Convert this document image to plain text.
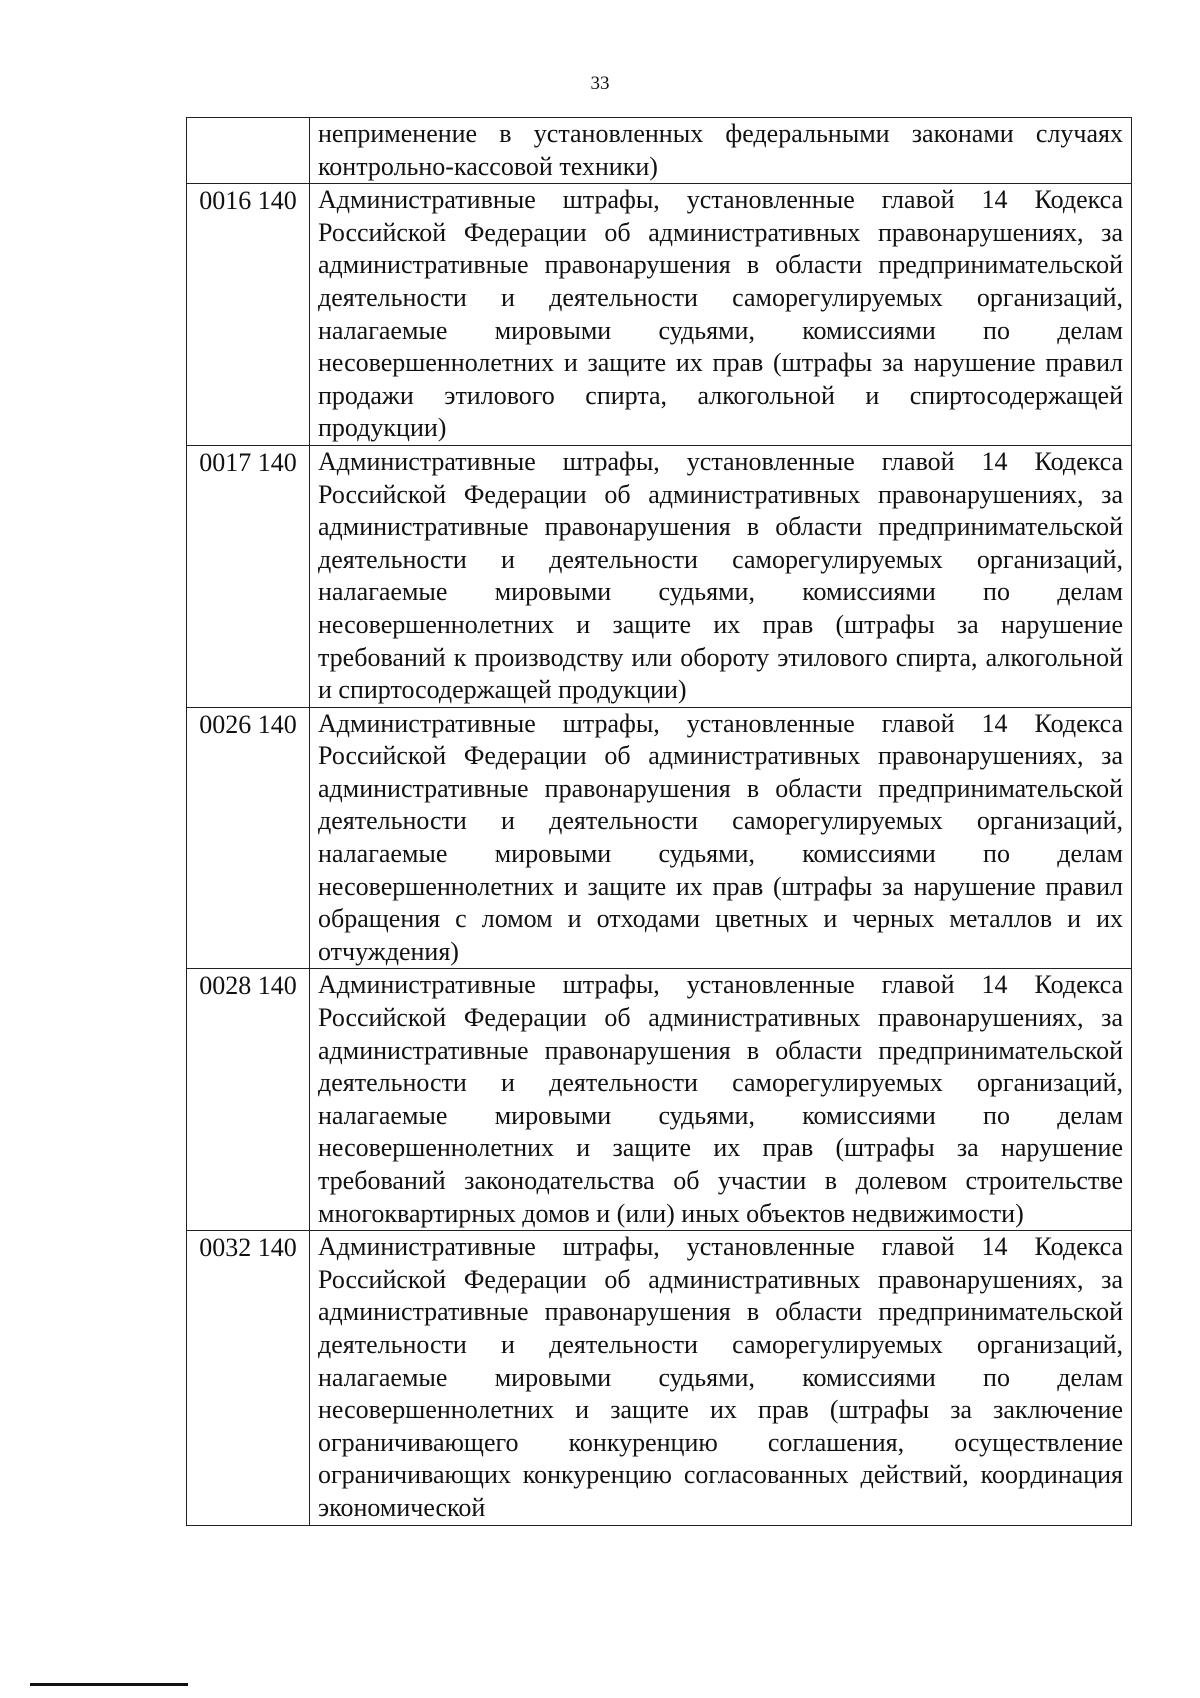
33
	неприменение в установленных федеральными законами случаях контрольно-кассовой техники)
0016 140	Административные штрафы, установленные главой 14 Кодекса Российской Федерации об административных правонарушениях, за административные правонарушения в области предпринимательской деятельности и деятельности саморегулируемых организаций, налагаемые мировыми судьями, комиссиями по делам несовершеннолетних и защите их прав (штрафы за нарушение правил продажи этилового спирта, алкогольной и спиртосодержащей продукции)
0017 140	Административные штрафы, установленные главой 14 Кодекса Российской Федерации об административных правонарушениях, за административные правонарушения в области предпринимательской деятельности и деятельности саморегулируемых организаций, налагаемые мировыми судьями, комиссиями по делам несовершеннолетних и защите их прав (штрафы за нарушение требований к производству или обороту этилового спирта, алкогольной и спиртосодержащей продукции)
0026 140	Административные штрафы, установленные главой 14 Кодекса Российской Федерации об административных правонарушениях, за административные правонарушения в области предпринимательской деятельности и деятельности саморегулируемых организаций, налагаемые мировыми судьями, комиссиями по делам несовершеннолетних и защите их прав (штрафы за нарушение правил обращения с ломом и отходами цветных и черных металлов и их отчуждения)
0028 140	Административные штрафы, установленные главой 14 Кодекса Российской Федерации об административных правонарушениях, за административные правонарушения в области предпринимательской деятельности и деятельности саморегулируемых организаций, налагаемые мировыми судьями, комиссиями по делам несовершеннолетних и защите их прав (штрафы за нарушение требований законодательства об участии в долевом строительстве многоквартирных домов и (или) иных объектов недвижимости)
0032 140	Административные штрафы, установленные главой 14 Кодекса Российской Федерации об административных правонарушениях, за административные правонарушения в области предпринимательской деятельности и деятельности саморегулируемых организаций, налагаемые мировыми судьями, комиссиями по делам несовершеннолетних и защите их прав (штрафы за заключение ограничивающего конкуренцию соглашения, осуществление ограничивающих конкуренцию согласованных действий, координация экономической
